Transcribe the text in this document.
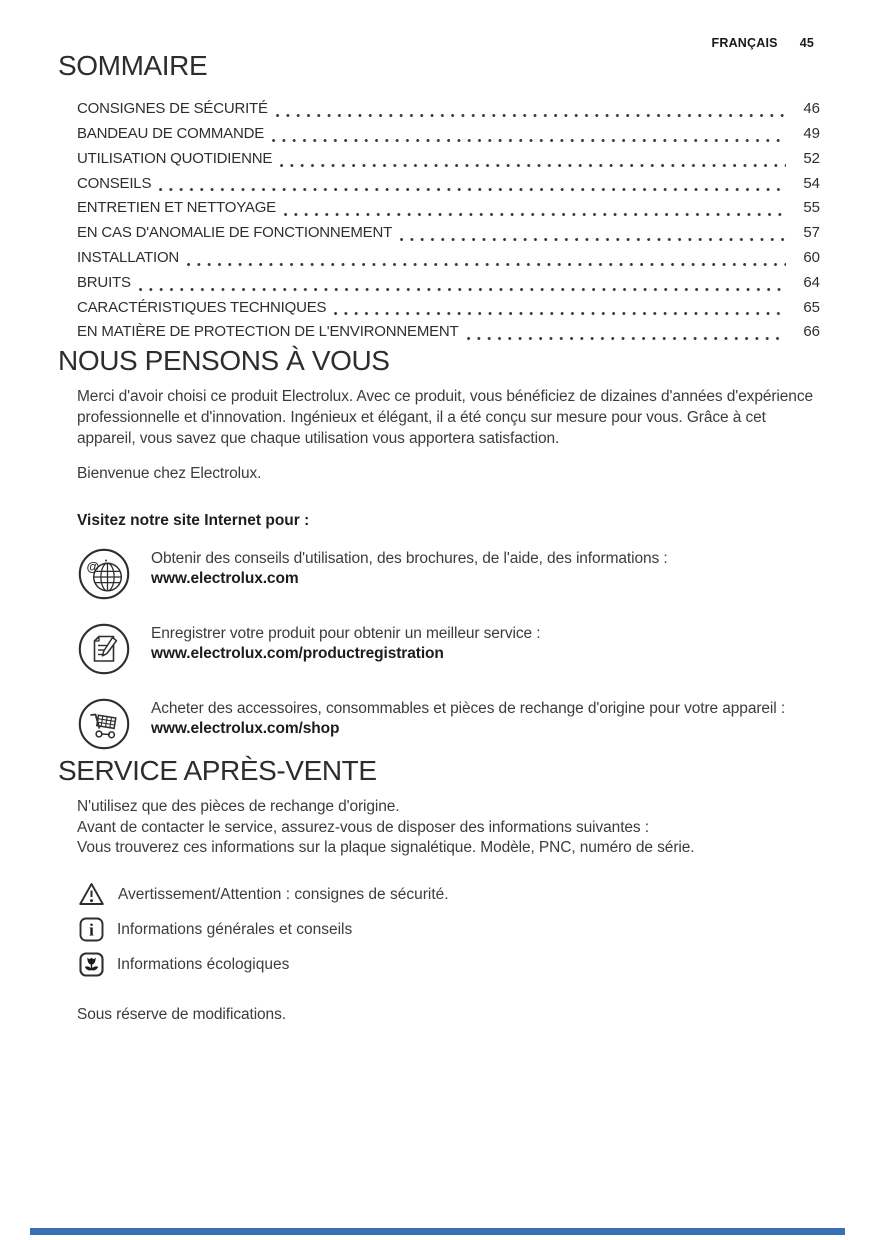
FRANÇAIS 45
SOMMAIRE
CONSIGNES DE SÉCURITÉ	46
BANDEAU DE COMMANDE	49
UTILISATION QUOTIDIENNE	52
CONSEILS	54
ENTRETIEN ET NETTOYAGE	55
EN CAS D'ANOMALIE DE FONCTIONNEMENT	57
INSTALLATION	60
BRUITS	64
CARACTÉRISTIQUES TECHNIQUES	65
EN MATIÈRE DE PROTECTION DE L'ENVIRONNEMENT	66
NOUS PENSONS À VOUS

Merci d'avoir choisi ce produit Electrolux. Avec ce produit, vous bénéficiez de dizaines d'années d'expérience professionnelle et d'innovation. Ingénieux et élégant, il a été conçu sur mesure pour vous. Grâce à cet appareil, vous savez que chaque utilisation vous apportera satisfaction.

Bienvenue chez Electrolux.

Visitez notre site Internet pour :

@	Obtenir des conseils d'utilisation, des brochures, de l'aide, des informations :
www.electrolux.com
Enregistrer votre produit pour obtenir un meilleur service :
www.electrolux.com/productregistration
Acheter des accessoires, consommables et pièces de rechange d'origine pour votre appareil :
www.electrolux.com/shop
SERVICE APRÈS-VENTE
N'utilisez que des pièces de rechange d'origine.
Avant de contacter le service, assurez-vous de disposer des informations suivantes :
Vous trouverez ces informations sur la plaque signalétique. Modèle, PNC, numéro de série.
Avertissement/Attention : consignes de sécurité.
i Informations générales et conseils
Informations écologiques

Sous réserve de modifications.
